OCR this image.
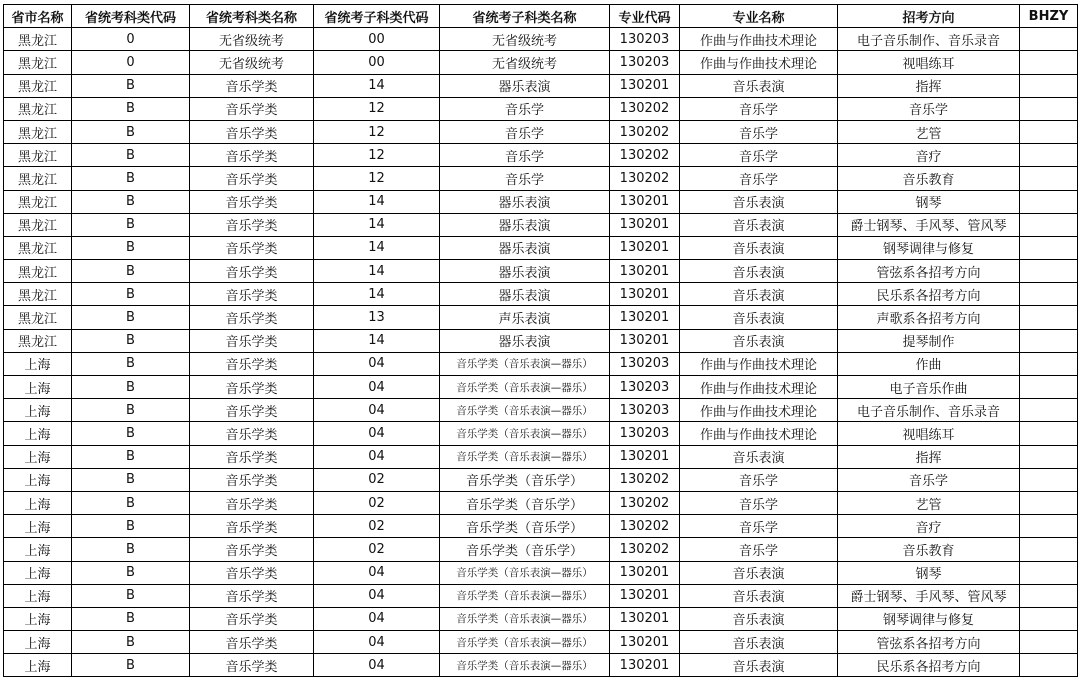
省市名称	省统考科类代码	省统考科类名称	省统考子科类代码	省统考子科类名称	专业代码	专业名称	招考方向	BHZY
黑龙江	0	无省级统考	00	无省级统考	130203	作曲与作曲技术理论	电子音乐制作、音乐录音	
黑龙江	0	无省级统考	00	无省级统考	130203	作曲与作曲技术理论	视唱练耳	
黑龙江	B	音乐学类	14	器乐表演	130201	音乐表演	指挥	
黑龙江	B	音乐学类	12	音乐学	130202	音乐学	音乐学	
黑龙江	B	音乐学类	12	音乐学	130202	音乐学	艺管	
黑龙江	B	音乐学类	12	音乐学	130202	音乐学	音疗	
黑龙江	B	音乐学类	12	音乐学	130202	音乐学	音乐教育	
黑龙江	B	音乐学类	14	器乐表演	130201	音乐表演	钢琴	
黑龙江	B	音乐学类	14	器乐表演	130201	音乐表演	爵士钢琴、手风琴、管风琴	
黑龙江	B	音乐学类	14	器乐表演	130201	音乐表演	钢琴调律与修复	
黑龙江	B	音乐学类	14	器乐表演	130201	音乐表演	管弦系各招考方向	
黑龙江	B	音乐学类	14	器乐表演	130201	音乐表演	民乐系各招考方向	
黑龙江	B	音乐学类	13	声乐表演	130201	音乐表演	声歌系各招考方向	
黑龙江	B	音乐学类	14	器乐表演	130201	音乐表演	提琴制作	
上海	B	音乐学类	04	音乐学类（音乐表演—器乐）	130203	作曲与作曲技术理论	作曲	
上海	B	音乐学类	04	音乐学类（音乐表演—器乐）	130203	作曲与作曲技术理论	电子音乐作曲	
上海	B	音乐学类	04	音乐学类（音乐表演—器乐）	130203	作曲与作曲技术理论	电子音乐制作、音乐录音	
上海	B	音乐学类	04	音乐学类（音乐表演—器乐）	130203	作曲与作曲技术理论	视唱练耳	
上海	B	音乐学类	04	音乐学类（音乐表演—器乐）	130201	音乐表演	指挥	
上海	B	音乐学类	02	音乐学类（音乐学）	130202	音乐学	音乐学	
上海	B	音乐学类	02	音乐学类（音乐学）	130202	音乐学	艺管	
上海	B	音乐学类	02	音乐学类（音乐学）	130202	音乐学	音疗	
上海	B	音乐学类	02	音乐学类（音乐学）	130202	音乐学	音乐教育	
上海	B	音乐学类	04	音乐学类（音乐表演—器乐）	130201	音乐表演	钢琴	
上海	B	音乐学类	04	音乐学类（音乐表演—器乐）	130201	音乐表演	爵士钢琴、手风琴、管风琴	
上海	B	音乐学类	04	音乐学类（音乐表演—器乐）	130201	音乐表演	钢琴调律与修复	
上海	B	音乐学类	04	音乐学类（音乐表演—器乐）	130201	音乐表演	管弦系各招考方向	
上海	B	音乐学类	04	音乐学类（音乐表演—器乐）	130201	音乐表演	民乐系各招考方向	
